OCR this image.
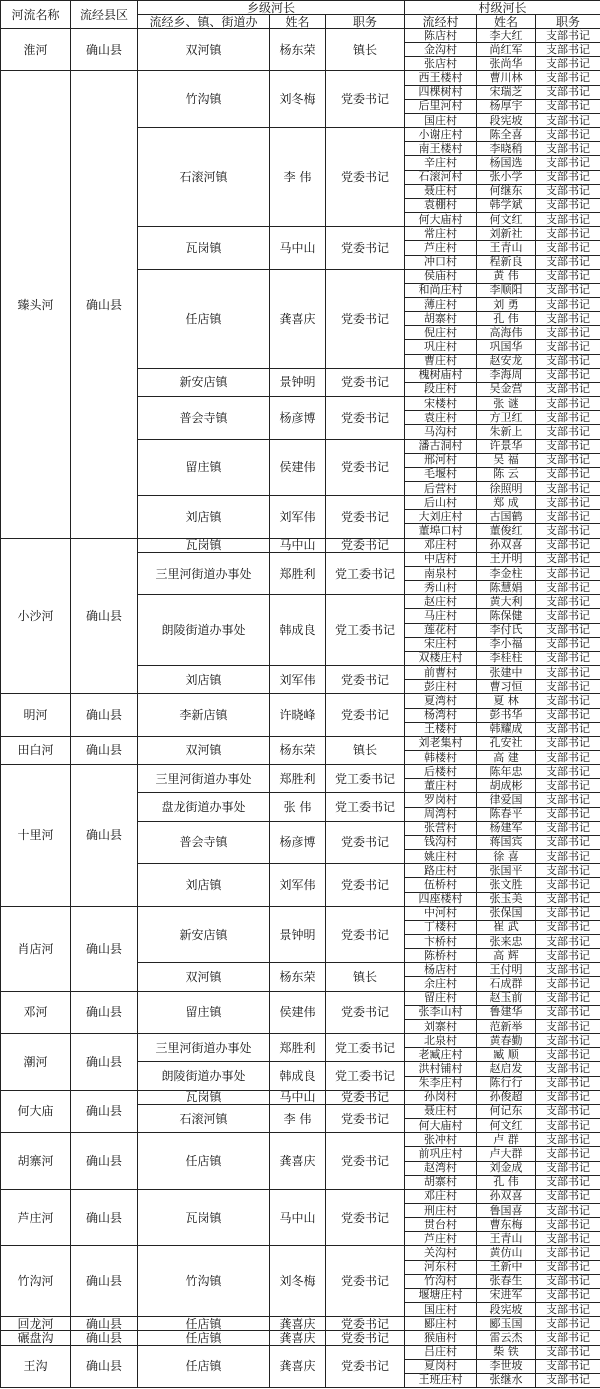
河流名称	流经县区	乡级河长			村级河长		
		流经乡、镇、街道办	姓名	职务	流经村	姓名	职务
淮河	确山县	双河镇	杨东荣	镇长	陈店村	李大红	支部书记
					金沟村	尚红军	支部书记
					张店村	张尚华	支部书记
臻头河	确山县	竹沟镇	刘冬梅	党委书记	西王楼村	曹川林	支部书记
					四棵树村	宋瑞芝	支部书记
					后里河村	杨厚宇	支部书记
					国庄村	段宪坡	支部书记
		石滚河镇	李 伟	党委书记	小谢庄村	陈全喜	支部书记
					南王楼村	李晓稍	支部书记
					辛庄村	杨国选	支部书记
					石滚河村	张小学	支部书记
					聂庄村	何继东	支部书记
					袁棚村	韩学斌	支部书记
					何大庙村	何文红	支部书记
		瓦岗镇	马中山	党委书记	常庄村	刘新社	支部书记
					芦庄村	王青山	支部书记
					冲口村	程新良	支部书记
		任店镇	龚喜庆	党委书记	侯庙村	黄 伟	支部书记
					和尚庄村	李顺阳	支部书记
					薄庄村	刘 勇	支部书记
					胡寨村	孔 伟	支部书记
					倪庄村	高海伟	支部书记
					巩庄村	巩国华	支部书记
					曹庄村	赵安龙	支部书记
		新安店镇	景钟明	党委书记	槐树庙村	李海周	支部书记
					段庄村	吴金营	支部书记
		普会寺镇	杨彦博	党委书记	宋楼村	张 谜	支部书记
					袁庄村	方卫红	支部书记
					马沟村	朱新上	支部书记
		留庄镇	侯建伟	党委书记	潘古洞村	许景华	支部书记
					邢河村	吴 福	支部书记
					毛堰村	陈 云	支部书记
					后营村	徐照明	支部书记
		刘店镇	刘军伟	党委书记	后山村	郑 成	支部书记
					大刘庄村	古国鹤	支部书记
					董埠口村	董俊红	支部书记
小沙河	确山县	瓦岗镇	马中山	党委书记	邓庄村	孙双喜	支部书记
		三里河街道办事处	郑胜利	党工委书记	中店村	王开明	支部书记
					南泉村	李金柱	支部书记
					秀山村	陈慧娟	支部书记
		朗陵街道办事处	韩成良	党工委书记	赵庄村	黄大利	支部书记
					马庄村	陈保健	支部书记
					莲花村	李付氏	支部书记
					宋庄村	李小福	支部书记
					双楼庄村	李桂柱	支部书记
		刘店镇	刘军伟	党委书记	前曹村	张建中	支部书记
					彭庄村	曹习恒	支部书记
明河	确山县	李新店镇	许晓峰	党委书记	夏湾村	夏 林	支部书记
					杨湾村	彭书华	支部书记
					王楼村	韩耀成	支部书记
田白河	确山县	双河镇	杨东荣	镇长	刘老集村	孔安社	支部书记
					韩楼村	高 建	支部书记
十里河	确山县	三里河街道办事处	郑胜利	党工委书记	后楼村	陈年忠	支部书记
					董庄村	胡成彬	支部书记
		盘龙街道办事处	张 伟	党工委书记	罗岗村	律爱国	支部书记
					周湾村	陈春平	支部书记
		普会寺镇	杨彦博	党委书记	张营村	杨建军	支部书记
					钱沟村	蒋国宾	支部书记
					姚庄村	徐 喜	支部书记
		刘店镇	刘军伟	党委书记	路庄村	张国平	支部书记
					伍桥村	张文胜	支部书记
					四座楼村	张玉美	支部书记
肖店河	确山县	新安店镇	景钟明	党委书记	中河村	张保国	支部书记
					丁楼村	崔 武	支部书记
					卞桥村	张来忠	支部书记
					陈桥村	高 辉	支部书记
		双河镇	杨东荣	镇长	杨店村	王付明	支部书记
					余庄村	石成群	支部书记
邓河	确山县	留庄镇	侯建伟	党委书记	留庄村	赵玉前	支部书记
					张李山村	鲁建华	支部书记
					刘寨村	范新举	支部书记
潮河	确山县	三里河街道办事处	郑胜利	党工委书记	北泉村	黄春勤	支部书记
					老臧庄村	臧 顺	支部书记
		朗陵街道办事处	韩成良	党工委书记	洪村铺村	赵启发	支部书记
					朱李庄村	陈行行	支部书记
何大庙	确山县	瓦岗镇	马中山	党委书记	孙岗村	孙俊超	支部书记
		石滚河镇	李 伟	党委书记	聂庄村	何记东	支部书记
					何大庙村	何文红	支部书记
胡寨河	确山县	任店镇	龚喜庆	党委书记	张冲村	卢 群	支部书记
					前巩庄村	卢大群	支部书记
					赵湾村	刘金成	支部书记
					胡寨村	孔 伟	支部书记
芦庄河	确山县	瓦岗镇	马中山	党委书记	邓庄村	孙双喜	支部书记
					刑庄村	鲁国喜	支部书记
					贯台村	曹东梅	支部书记
					芦庄村	王青山	支部书记
竹沟河	确山县	竹沟镇	刘冬梅	党委书记	关沟村	黄仿山	支部书记
					河东村	王新中	支部书记
					竹沟村	张春生	支部书记
					堰塘庄村	宋进军	支部书记
					国庄村	段宪坡	支部书记
回龙河	确山县	任店镇	龚喜庆	党委书记	郾庄村	郾玉国	支部书记
碾盘沟	确山县	任店镇	龚喜庆	党委书记	猴庙村	雷云杰	支部书记
王沟	确山县	任店镇	龚喜庆	党委书记	吕庄村	柴 铁	支部书记
					夏岗村	李世坡	支部书记
					王班庄村	张继水	支部书记
